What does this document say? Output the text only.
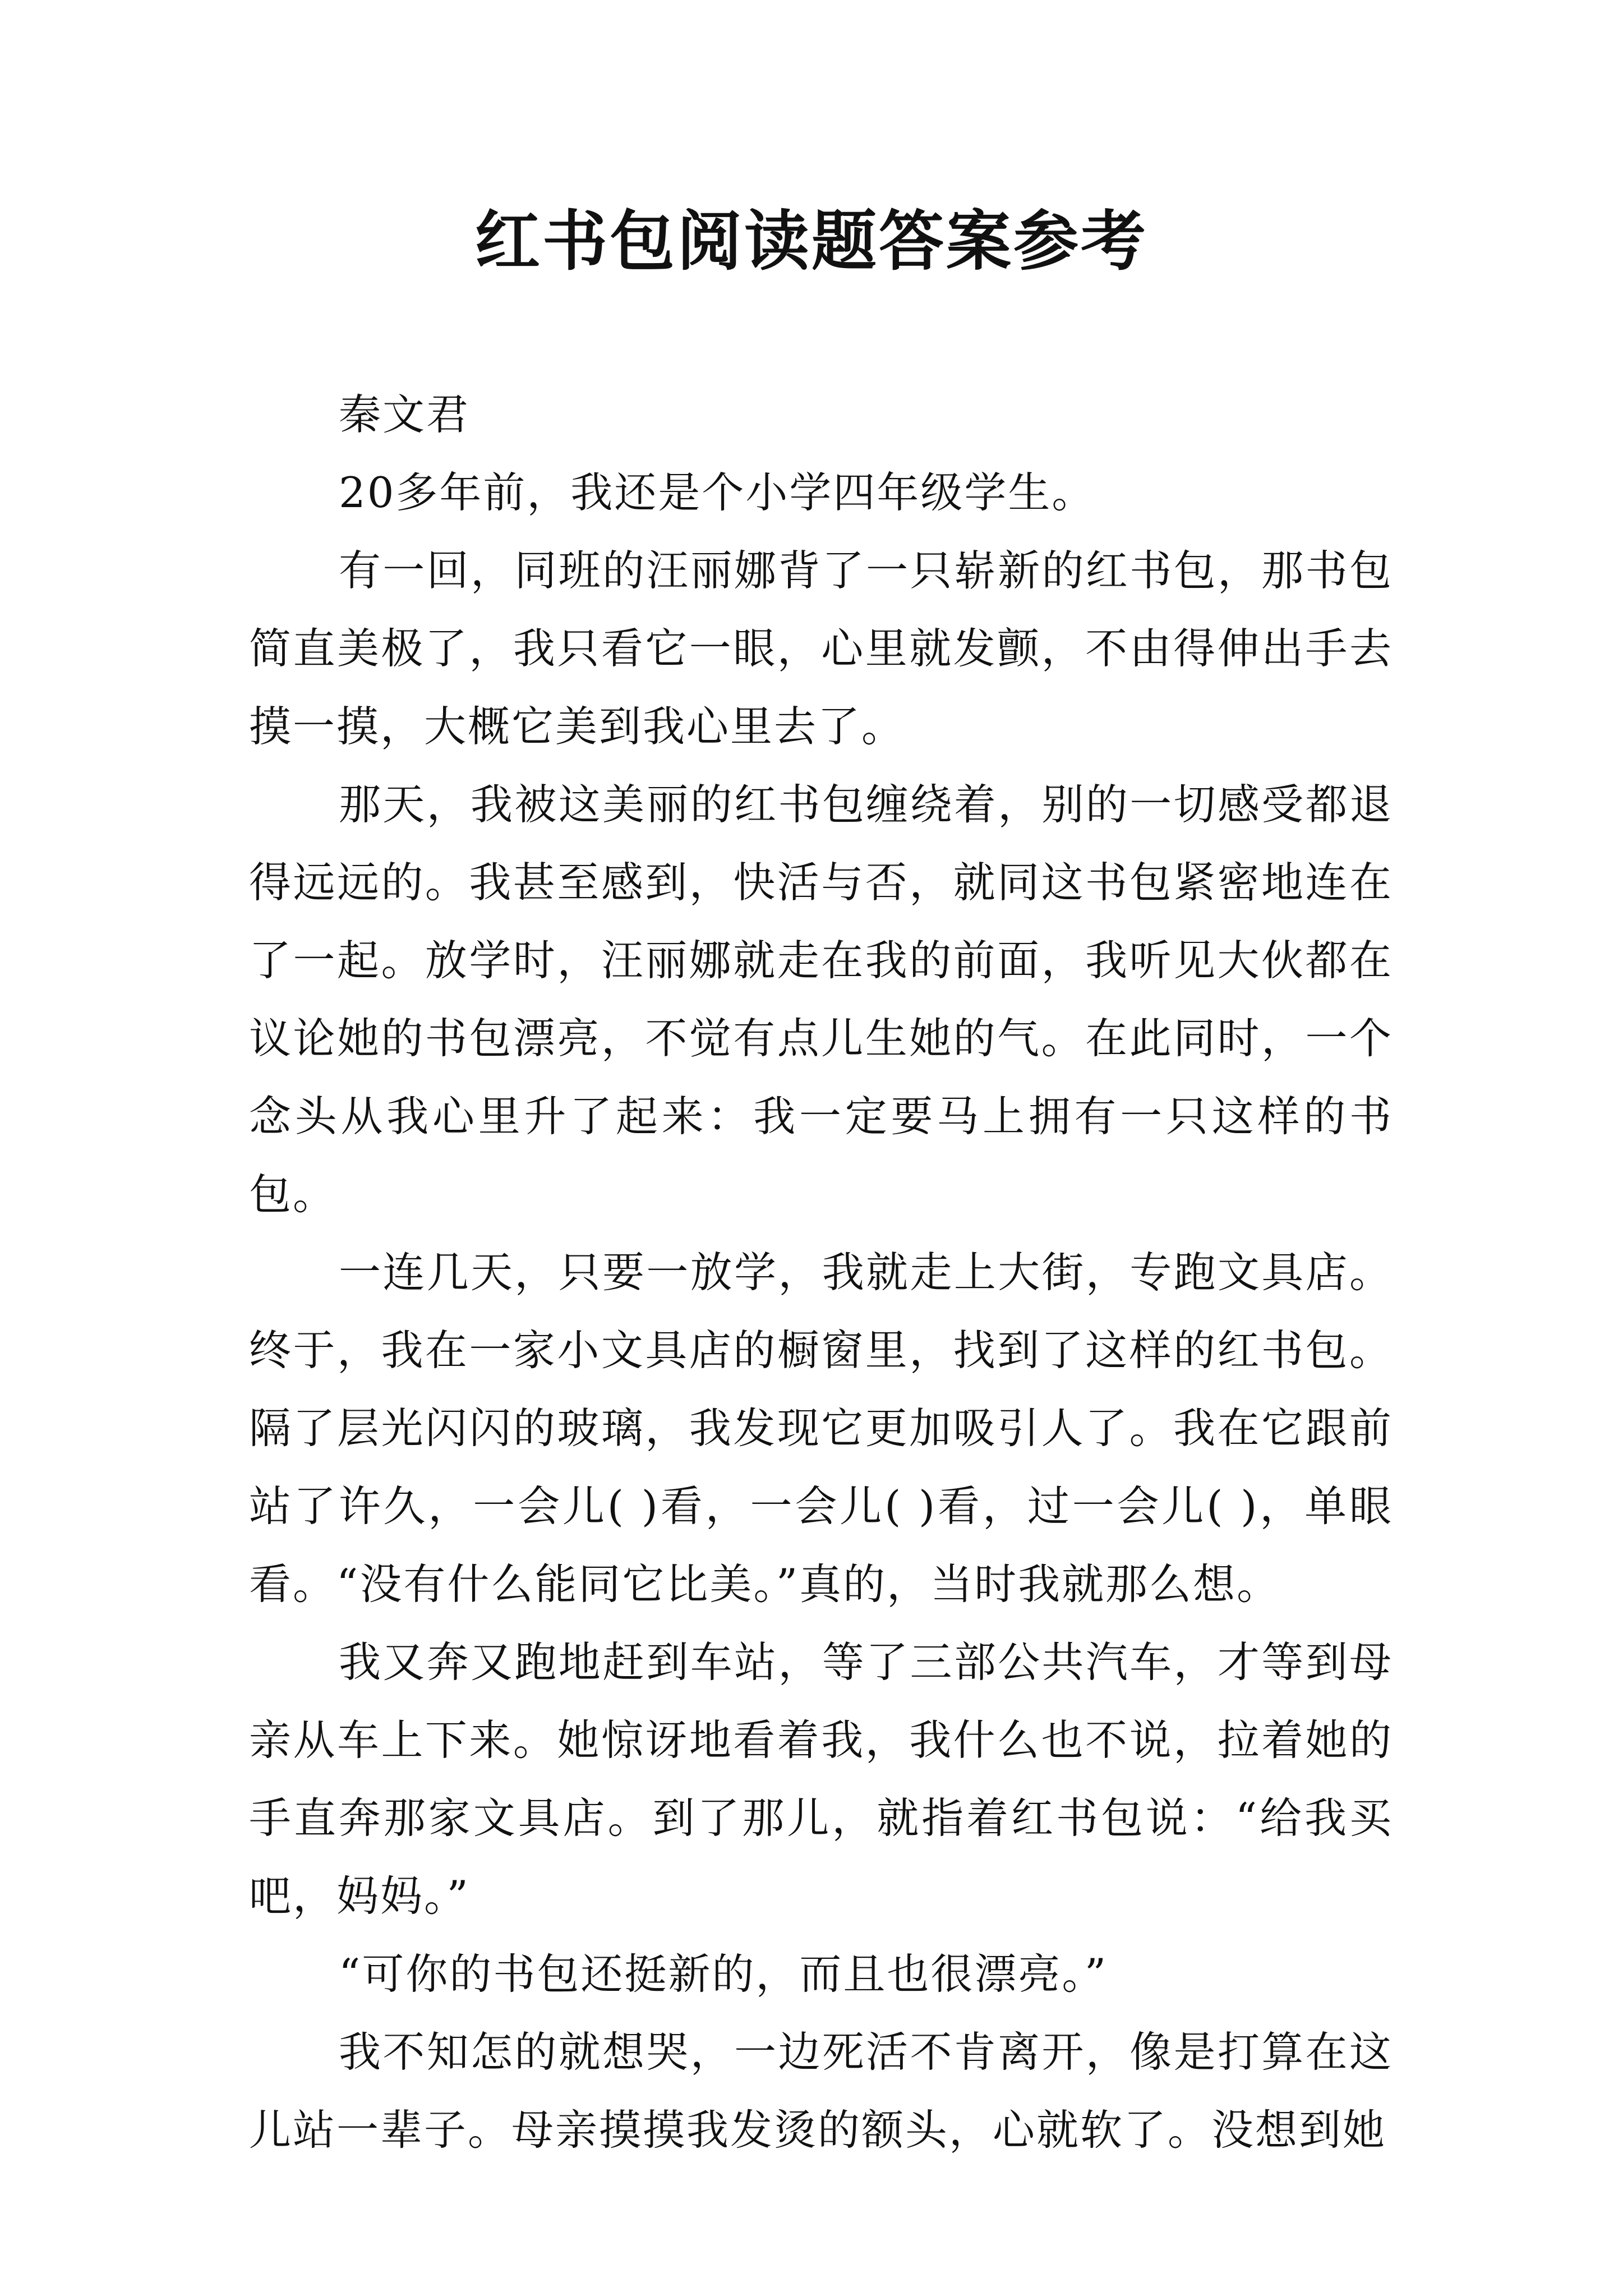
红书包阅读题答案参考

秦文君

20多年前，我还是个小学四年级学生。

有一回，同班的汪丽娜背了一只崭新的红书包，那书包简直美极了，我只看它一眼，心里就发颤，不由得伸出手去摸一摸，大概它美到我心里去了。

那天，我被这美丽的红书包缠绕着，别的一切感受都退得远远的。我甚至感到，快活与否，就同这书包紧密地连在了一起。放学时，汪丽娜就走在我的前面，我听见大伙都在议论她的书包漂亮，不觉有点儿生她的气。在此同时，一个念头从我心里升了起来：我一定要马上拥有一只这样的书包。

一连几天，只要一放学，我就走上大街，专跑文具店。终于，我在一家小文具店的橱窗里，找到了这样的红书包。隔了层光闪闪的玻璃，我发现它更加吸引人了。我在它跟前站了许久，一会儿( )看，一会儿( )看，过一会儿( )，单眼看。“没有什么能同它比美。”真的，当时我就那么想。

我又奔又跑地赶到车站，等了三部公共汽车，才等到母亲从车上下来。她惊讶地看着我，我什么也不说，拉着她的手直奔那家文具店。到了那儿，就指着红书包说：“给我买吧，妈妈。”

“可你的书包还挺新的，而且也很漂亮。”

我不知怎的就想哭，一边死活不肯离开，像是打算在这儿站一辈子。母亲摸摸我发烫的额头，心就软了。没想到她
